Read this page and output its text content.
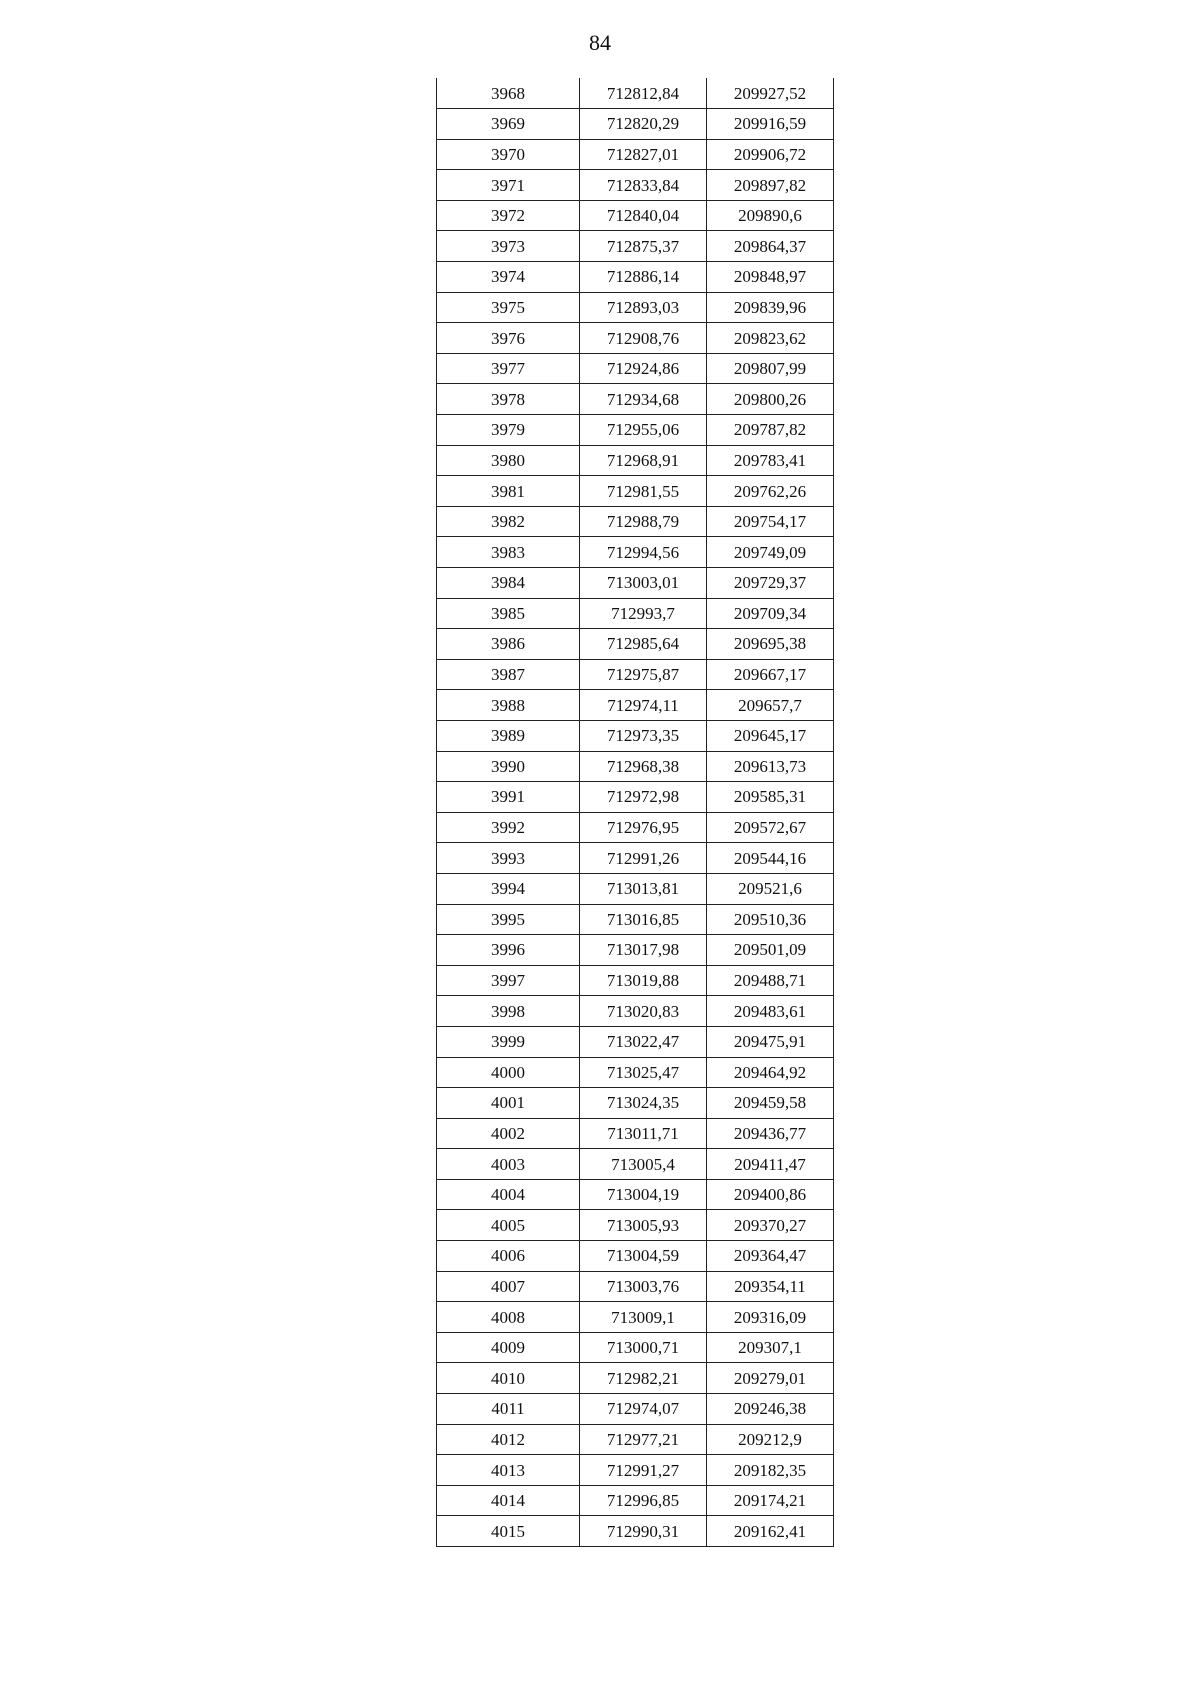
84
3968	712812,84	209927,52
3969	712820,29	209916,59
3970	712827,01	209906,72
3971	712833,84	209897,82
3972	712840,04	209890,6
3973	712875,37	209864,37
3974	712886,14	209848,97
3975	712893,03	209839,96
3976	712908,76	209823,62
3977	712924,86	209807,99
3978	712934,68	209800,26
3979	712955,06	209787,82
3980	712968,91	209783,41
3981	712981,55	209762,26
3982	712988,79	209754,17
3983	712994,56	209749,09
3984	713003,01	209729,37
3985	712993,7	209709,34
3986	712985,64	209695,38
3987	712975,87	209667,17
3988	712974,11	209657,7
3989	712973,35	209645,17
3990	712968,38	209613,73
3991	712972,98	209585,31
3992	712976,95	209572,67
3993	712991,26	209544,16
3994	713013,81	209521,6
3995	713016,85	209510,36
3996	713017,98	209501,09
3997	713019,88	209488,71
3998	713020,83	209483,61
3999	713022,47	209475,91
4000	713025,47	209464,92
4001	713024,35	209459,58
4002	713011,71	209436,77
4003	713005,4	209411,47
4004	713004,19	209400,86
4005	713005,93	209370,27
4006	713004,59	209364,47
4007	713003,76	209354,11
4008	713009,1	209316,09
4009	713000,71	209307,1
4010	712982,21	209279,01
4011	712974,07	209246,38
4012	712977,21	209212,9
4013	712991,27	209182,35
4014	712996,85	209174,21
4015	712990,31	209162,41
